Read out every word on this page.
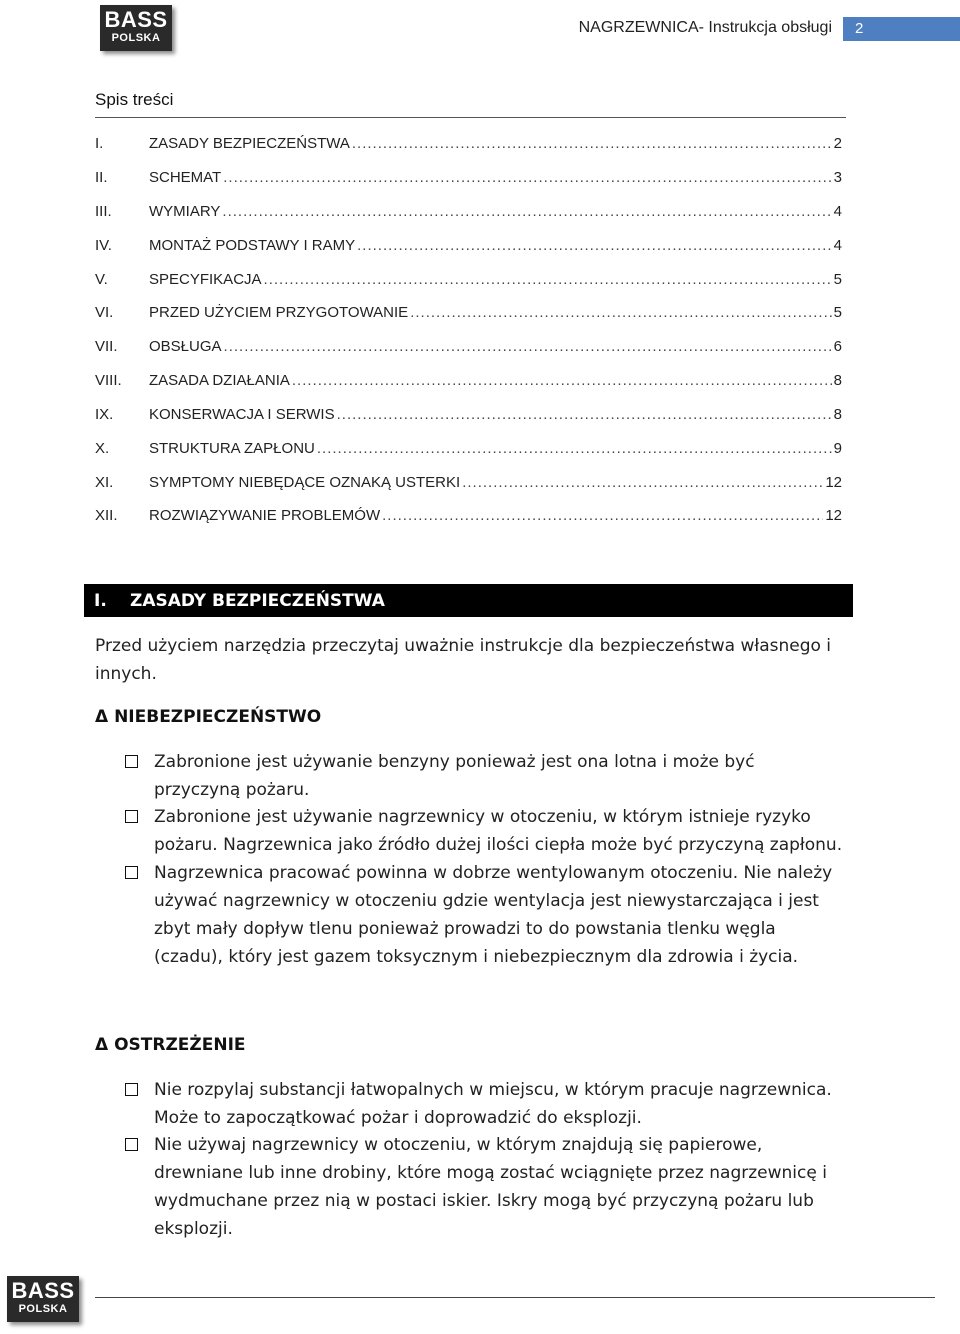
BASS
POLSKA
NAGRZEWNICA- Instrukcja obsługi	2
Spis treści
I.	ZASADY BEZPIECZEŃSTWA .....	2
II.	SCHEMAT .....	3
III.	WYMIARY .....	4
IV.	MONTAŻ PODSTAWY I RAMY .....	4
V.	SPECYFIKACJA .....	5
VI.	PRZED UŻYCIEM PRZYGOTOWANIE .....	5
VII.	OBSŁUGA .....	6
VIII.	ZASADA DZIAŁANIA .....	8
IX.	KONSERWACJA I SERWIS .....	8
X.	STRUKTURA ZAPŁONU .....	9
XI.	SYMPTOMY NIEBĘDĄCE OZNAKĄ USTERKI .....	12
XII.	ROZWIĄZYWANIE PROBLEMÓW .....	12
I.	ZASADY BEZPIECZEŃSTWA
Przed użyciem narzędzia przeczytaj uważnie instrukcje dla bezpieczeństwa własnego i innych.
Δ NIEBEZPIECZEŃSTWO
Zabronione jest używanie benzyny ponieważ jest ona lotna i może być przyczyną pożaru.
Zabronione jest używanie nagrzewnicy w otoczeniu, w którym istnieje ryzyko pożaru. Nagrzewnica jako źródło dużej ilości ciepła może być przyczyną zapłonu.
Nagrzewnica pracować powinna w dobrze wentylowanym otoczeniu. Nie należy używać nagrzewnicy w otoczeniu gdzie wentylacja jest niewystarczająca i jest zbyt mały dopływ tlenu ponieważ prowadzi to do powstania tlenku węgla (czadu), który jest gazem toksycznym i niebezpiecznym dla zdrowia i życia.
Δ OSTRZEŻENIE
Nie rozpylaj substancji łatwopalnych w miejscu, w którym pracuje nagrzewnica. Może to zapoczątkować pożar i doprowadzić do eksplozji.
Nie używaj nagrzewnicy w otoczeniu, w którym znajdują się papierowe, drewniane lub inne drobiny, które mogą zostać wciągnięte przez nagrzewnicę i wydmuchane przez nią w postaci iskier. Iskry mogą być przyczyną pożaru lub eksplozji.
BASS
POLSKA
